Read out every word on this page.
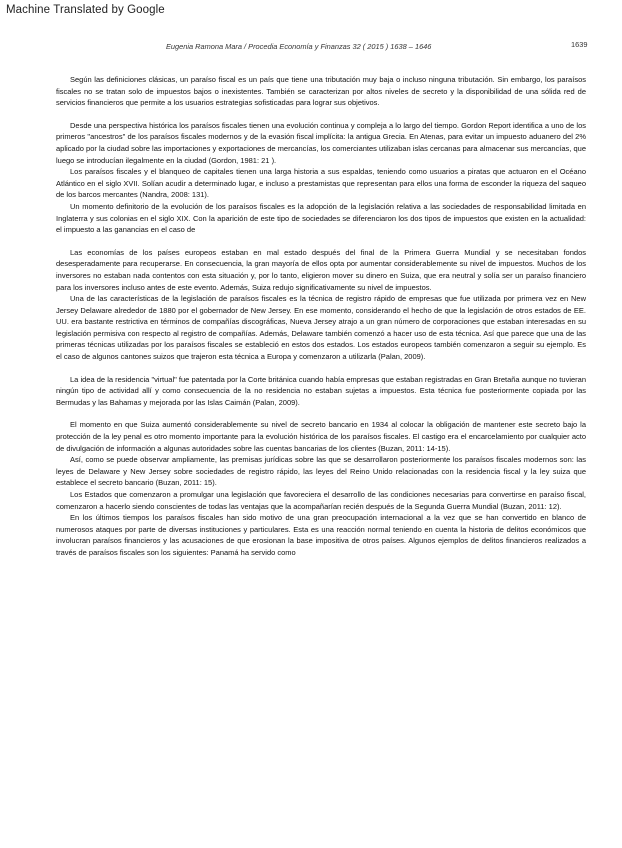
Machine Translated by Google
Eugenia Ramona Mara / Procedia Economía y Finanzas 32 ( 2015 ) 1638 – 1646	1639

Según las definiciones clásicas, un paraíso fiscal es un país que tiene una tributación muy baja o incluso ninguna tributación. Sin embargo, los paraísos fiscales no se tratan solo de impuestos bajos o inexistentes. También se caracterizan por altos niveles de secreto y la disponibilidad de una sólida red de servicios financieros que permite a los usuarios estrategias sofisticadas para lograr sus objetivos.

Desde una perspectiva histórica los paraísos fiscales tienen una evolución continua y compleja a lo largo del tiempo. Gordon Report identifica a uno de los primeros "ancestros" de los paraísos fiscales modernos y de la evasión fiscal implícita: la antigua Grecia. En Atenas, para evitar un impuesto aduanero del 2% aplicado por la ciudad sobre las importaciones y exportaciones de mercancías, los comerciantes utilizaban islas cercanas para almacenar sus mercancías, que luego se introducían ilegalmente en la ciudad (Gordon, 1981: 21 ).

Los paraísos fiscales y el blanqueo de capitales tienen una larga historia a sus espaldas, teniendo como usuarios a piratas que actuaron en el Océano Atlántico en el siglo XVII. Solían acudir a determinado lugar, e incluso a prestamistas que representan para ellos una forma de esconder la riqueza del saqueo de los barcos mercantes (Nandra, 2008: 131).

Un momento definitorio de la evolución de los paraísos fiscales es la adopción de la legislación relativa a las sociedades de responsabilidad limitada en Inglaterra y sus colonias en el siglo XIX. Con la aparición de este tipo de sociedades se diferenciaron los dos tipos de impuestos que existen en la actualidad: el impuesto a las ganancias en el caso de

Las economías de los países europeos estaban en mal estado después del final de la Primera Guerra Mundial y se necesitaban fondos desesperadamente para recuperarse. En consecuencia, la gran mayoría de ellos opta por aumentar considerablemente su nivel de impuestos. Muchos de los inversores no estaban nada contentos con esta situación y, por lo tanto, eligieron mover su dinero en Suiza, que era neutral y solía ser un paraíso financiero para los inversores incluso antes de este evento. Además, Suiza redujo significativamente su nivel de impuestos.

Una de las características de la legislación de paraísos fiscales es la técnica de registro rápido de empresas que fue utilizada por primera vez en New Jersey Delaware alrededor de 1880 por el gobernador de New Jersey. En ese momento, considerando el hecho de que la legislación de otros estados de EE. UU. era bastante restrictiva en términos de compañías discográficas, Nueva Jersey atrajo a un gran número de corporaciones que estaban interesadas en su legislación permisiva con respecto al registro de compañías. Además, Delaware también comenzó a hacer uso de esta técnica. Así que parece que una de las primeras técnicas utilizadas por los paraísos fiscales se estableció en estos dos estados. Los estados europeos también comenzaron a seguir su ejemplo. Es el caso de algunos cantones suizos que trajeron esta técnica a Europa y comenzaron a utilizarla (Palan, 2009).

La idea de la residencia "virtual" fue patentada por la Corte británica cuando había empresas que estaban registradas en Gran Bretaña aunque no tuvieran ningún tipo de actividad allí y como consecuencia de la no residencia no estaban sujetas a impuestos. Esta técnica fue posteriormente copiada por las Bermudas y las Bahamas y mejorada por las Islas Caimán (Palan, 2009).

El momento en que Suiza aumentó considerablemente su nivel de secreto bancario en 1934 al colocar la obligación de mantener este secreto bajo la protección de la ley penal es otro momento importante para la evolución histórica de los paraísos fiscales. El castigo era el encarcelamiento por cualquier acto de divulgación de información a algunas autoridades sobre las cuentas bancarias de los clientes (Buzan, 2011: 14-15).

Así, como se puede observar ampliamente, las premisas jurídicas sobre las que se desarrollaron posteriormente los paraísos fiscales modernos son: las leyes de Delaware y New Jersey sobre sociedades de registro rápido, las leyes del Reino Unido relacionadas con la residencia fiscal y la ley suiza que establece el secreto bancario (Buzan, 2011: 15).

Los Estados que comenzaron a promulgar una legislación que favoreciera el desarrollo de las condiciones necesarias para convertirse en paraíso fiscal, comenzaron a hacerlo siendo conscientes de todas las ventajas que la acompañarían recién después de la Segunda Guerra Mundial (Buzan, 2011: 12).

En los últimos tiempos los paraísos fiscales han sido motivo de una gran preocupación internacional a la vez que se han convertido en blanco de numerosos ataques por parte de diversas instituciones y particulares. Esta es una reacción normal teniendo en cuenta la historia de delitos económicos que involucran paraísos financieros y las acusaciones de que erosionan la base impositiva de otros países. Algunos ejemplos de delitos financieros realizados a través de paraísos fiscales son los siguientes: Panamá ha servido como
